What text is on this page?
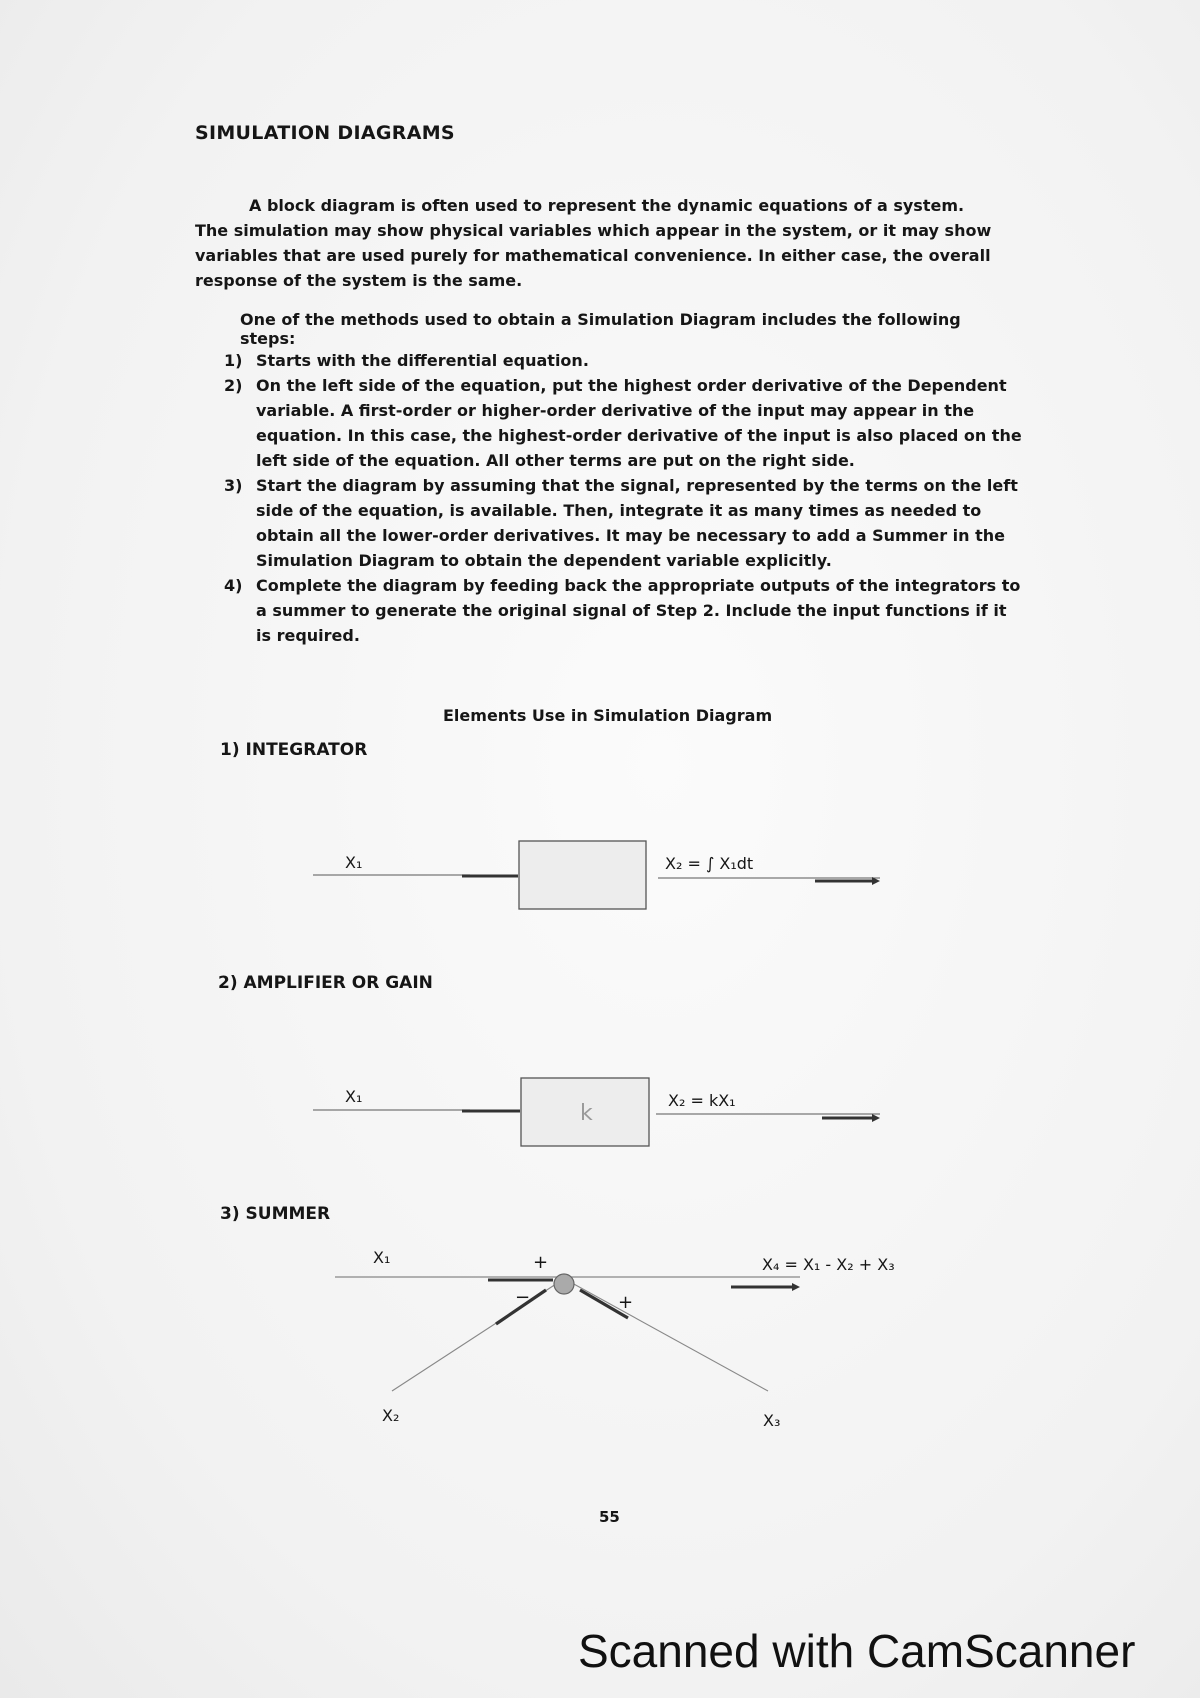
SIMULATION DIAGRAMS
A block diagram is often used to represent the dynamic equations of a system. The simulation may show physical variables which appear in the system, or it may show variables that are used purely for mathematical convenience. In either case, the overall response of the system is the same.
One of the methods used to obtain a Simulation Diagram includes the following steps:
1) Starts with the differential equation.
2) On the left side of the equation, put the highest order derivative of the Dependent variable. A first-order or higher-order derivative of the input may appear in the equation. In this case, the highest-order derivative of the input is also placed on the left side of the equation. All other terms are put on the right side.
3) Start the diagram by assuming that the signal, represented by the terms on the left side of the equation, is available. Then, integrate it as many times as needed to obtain all the lower-order derivatives. It may be necessary to add a Summer in the Simulation Diagram to obtain the dependent variable explicitly.
4) Complete the diagram by feeding back the appropriate outputs of the integrators to a summer to generate the original signal of Step 2. Include the input functions if it is required.
Elements Use in Simulation Diagram
1) INTEGRATOR
X₁	X₂ = ∫ X₁dt
2) AMPLIFIER OR GAIN
k
X₁	X₂ = kX₁
3) SUMMER
X₁	+
−	+
X₄ = X₁ - X₂ + X₃
X₂	X₃
55
Scanned with CamScanner
